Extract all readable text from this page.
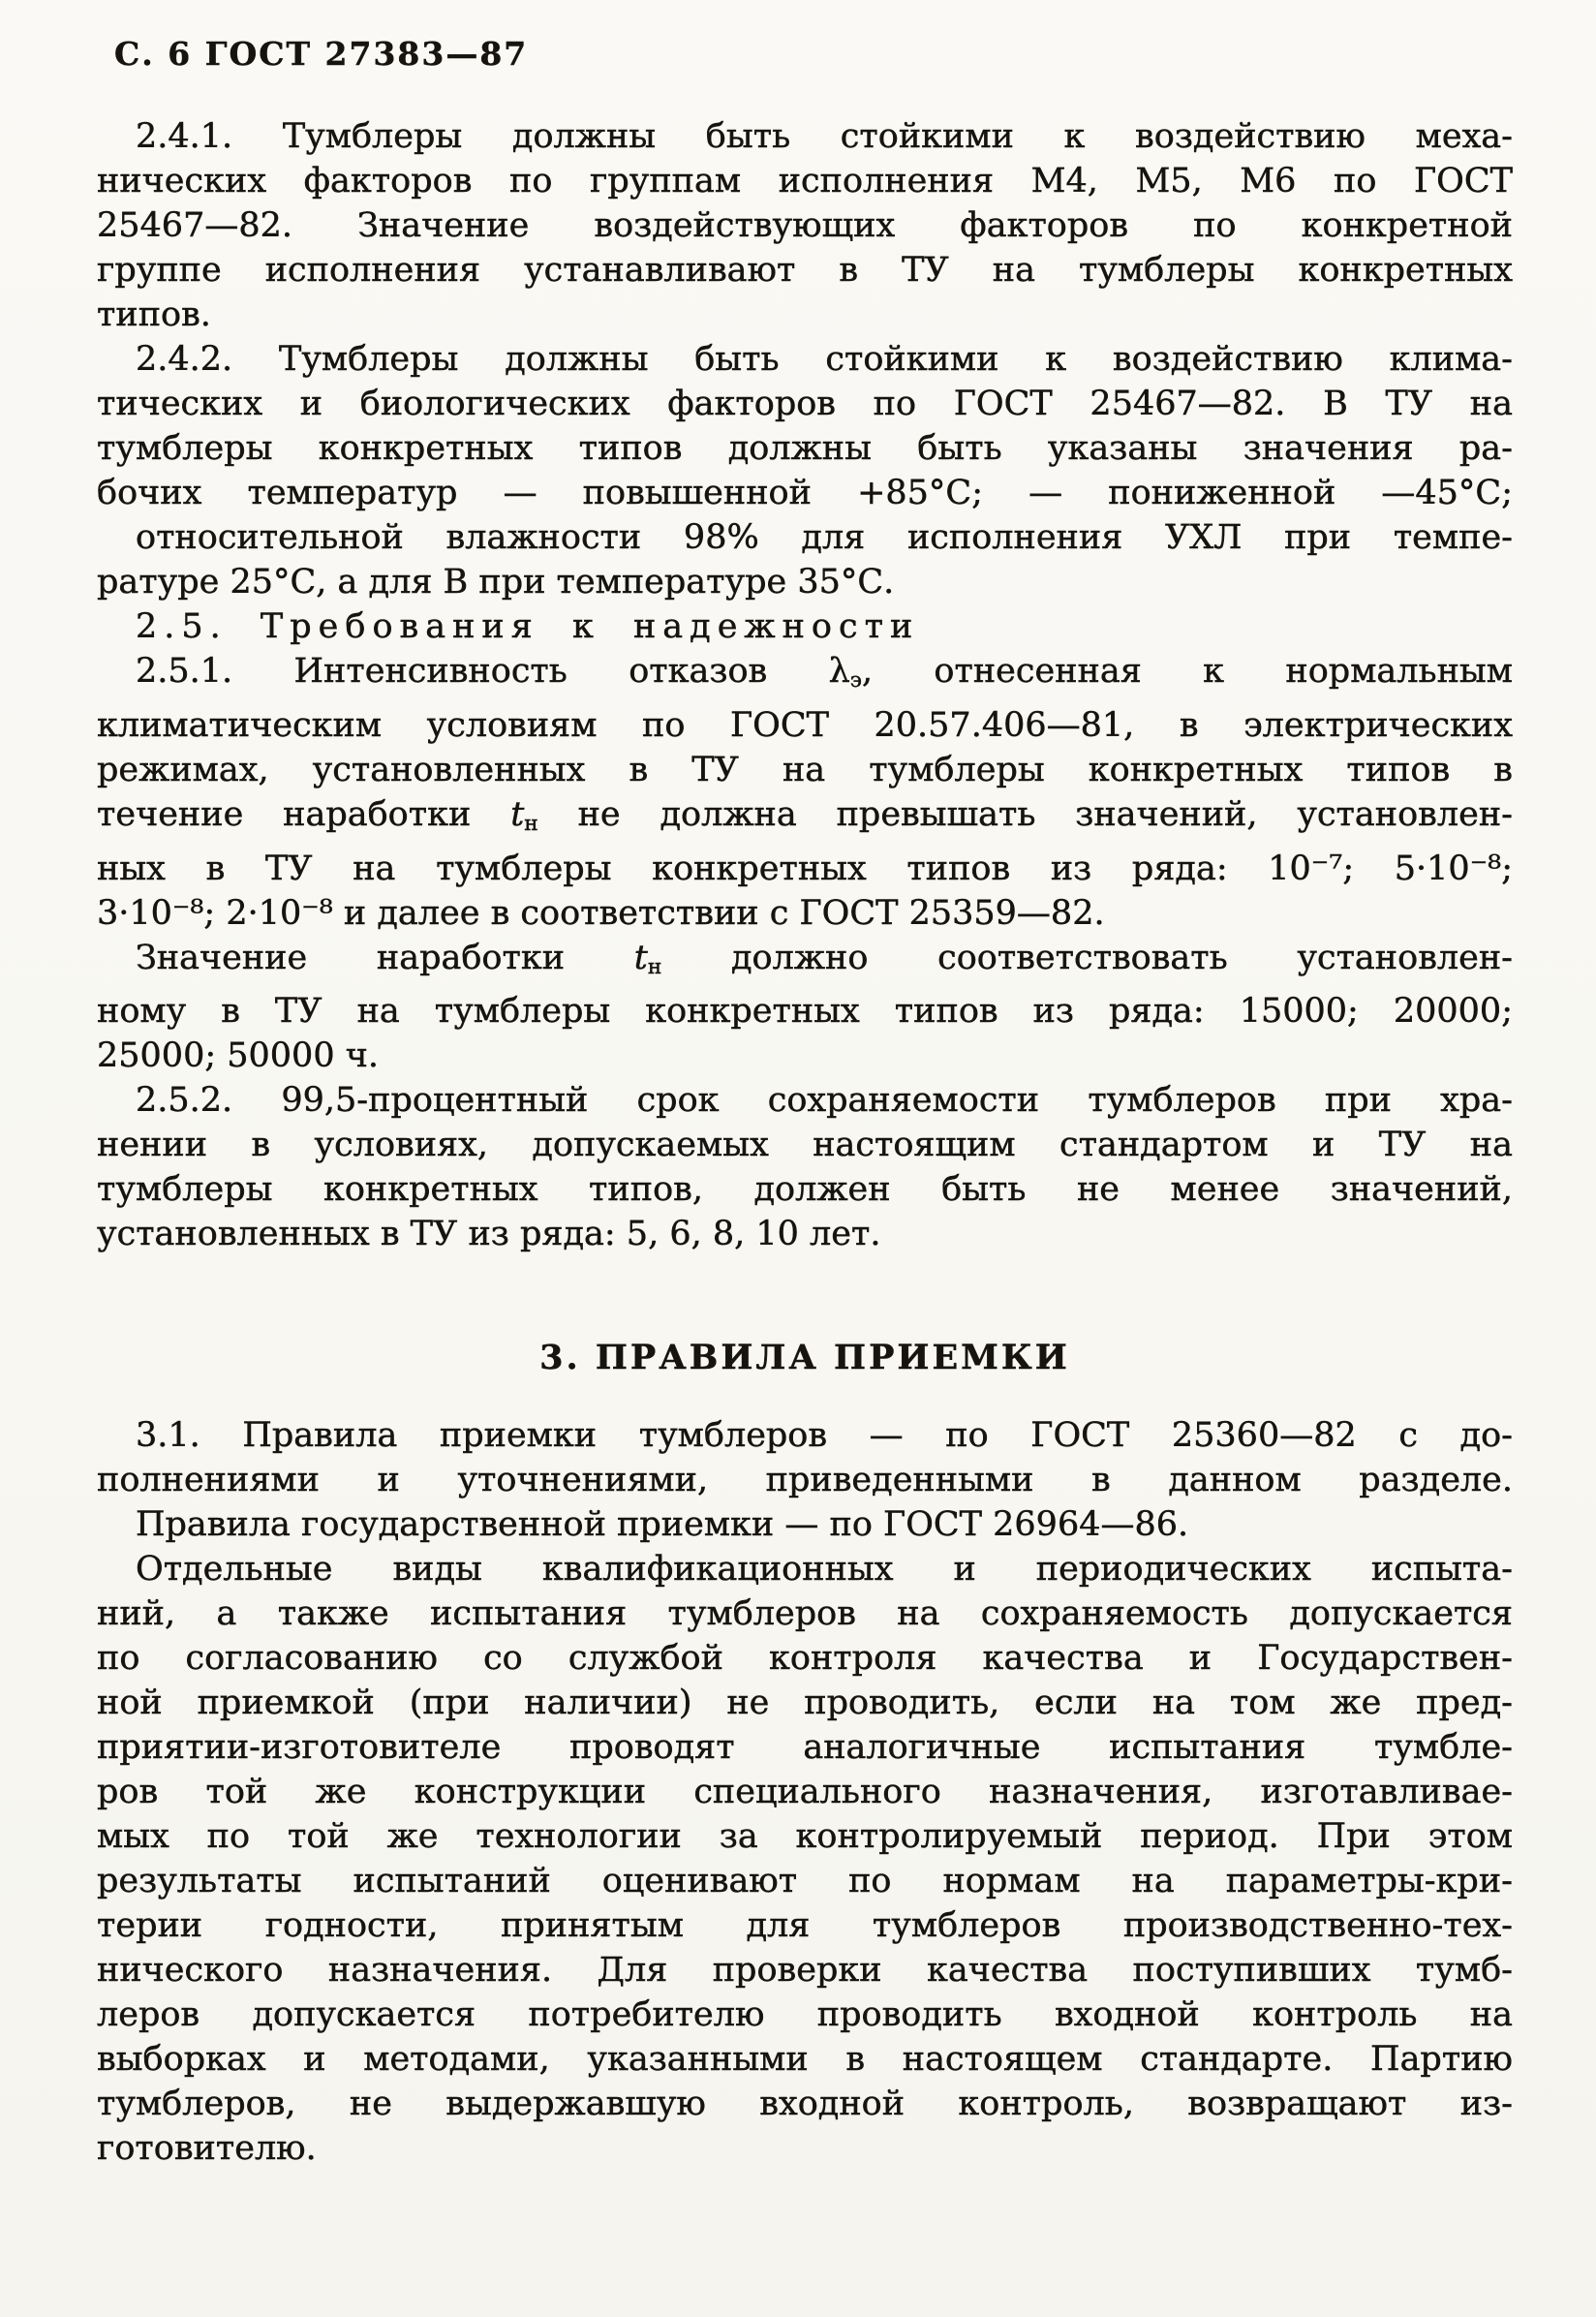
С. 6 ГОСТ 27383—87
2.4.1. Тумблеры должны быть стойкими к воздействию меха-
нических факторов по группам исполнения М4, М5, М6 по ГОСТ
25467—82. Значение воздействующих факторов по конкретной
группе исполнения устанавливают в ТУ на тумблеры конкретных
типов.
2.4.2. Тумблеры должны быть стойкими к воздействию клима-
тических и биологических факторов по ГОСТ 25467—82. В ТУ на
тумблеры конкретных типов должны быть указаны значения ра-
бочих температур — повышенной +85°С; — пониженной —45°С;
относительной влажности 98% для исполнения УХЛ при темпе-
ратуре 25°С, а для В при температуре 35°С.
2.5. Требования к надежности
2.5.1. Интенсивность отказов $\lambda_э$, отнесенная к нормальным
климатическим условиям по ГОСТ 20.57.406—81, в электрических
режимах, установленных в ТУ на тумблеры конкретных типов в
течение наработки $t_н$ не должна превышать значений, установлен-
ных в ТУ на тумблеры конкретных типов из ряда: 10⁻⁷; 5·10⁻⁸;
3·10⁻⁸; 2·10⁻⁸ и далее в соответствии с ГОСТ 25359—82.
Значение наработки $t_н$ должно соответствовать установлен-
ному в ТУ на тумблеры конкретных типов из ряда: 15000; 20000;
25000; 50000 ч.
2.5.2. 99,5-процентный срок сохраняемости тумблеров при хра-
нении в условиях, допускаемых настоящим стандартом и ТУ на
тумблеры конкретных типов, должен быть не менее значений,
установленных в ТУ из ряда: 5, 6, 8, 10 лет.
3. ПРАВИЛА ПРИЕМКИ
3.1. Правила приемки тумблеров — по ГОСТ 25360—82 с до-
полнениями и уточнениями, приведенными в данном разделе.
Правила государственной приемки — по ГОСТ 26964—86.
Отдельные виды квалификационных и периодических испыта-
ний, а также испытания тумблеров на сохраняемость допускается
по согласованию со службой контроля качества и Государствен-
ной приемкой (при наличии) не проводить, если на том же пред-
приятии-изготовителе проводят аналогичные испытания тумбле-
ров той же конструкции специального назначения, изготавливае-
мых по той же технологии за контролируемый период. При этом
результаты испытаний оценивают по нормам на параметры-кри-
терии годности, принятым для тумблеров производственно-тех-
нического назначения. Для проверки качества поступивших тумб-
леров допускается потребителю проводить входной контроль на
выборках и методами, указанными в настоящем стандарте. Партию
тумблеров, не выдержавшую входной контроль, возвращают из-
готовителю.
